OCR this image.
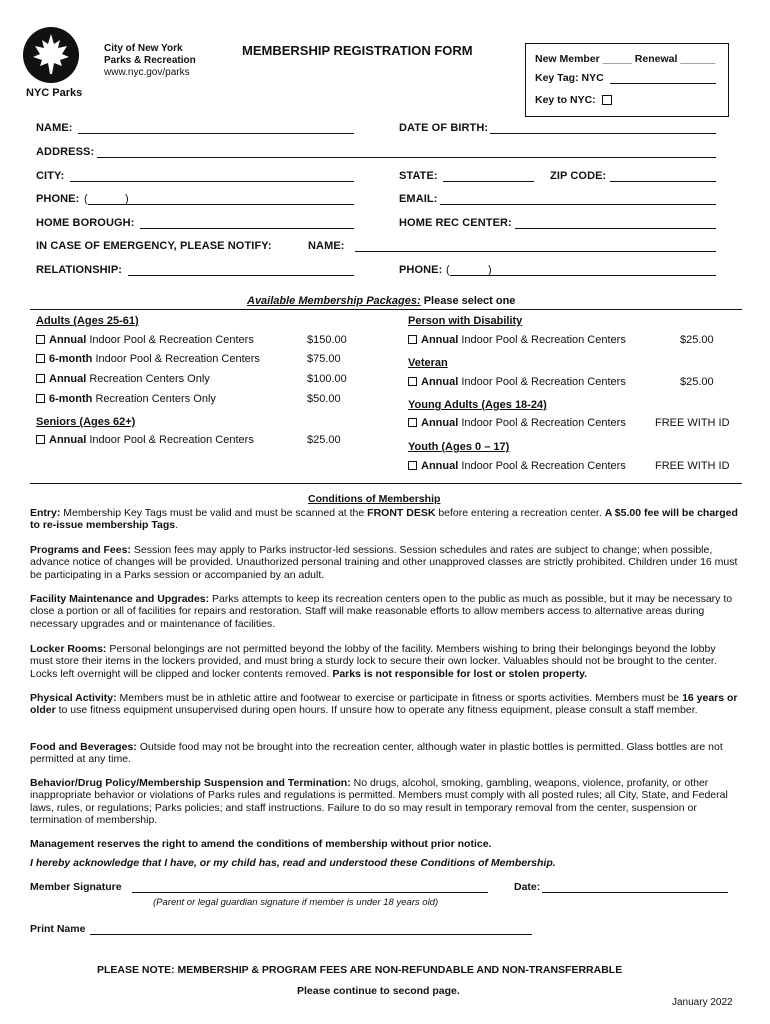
NYC Parks
City of New York
Parks & Recreation
www.nyc.gov/parks
MEMBERSHIP REGISTRATION FORM
New Member _____ Renewal ______
Key Tag: NYC
Key to NYC:
NAME:	DATE OF BIRTH:
ADDRESS:
CITY:	STATE:	ZIP CODE:
PHONE: (	)	EMAIL:
HOME BOROUGH:	HOME REC CENTER:
IN CASE OF EMERGENCY, PLEASE NOTIFY:	NAME:
RELATIONSHIP:	PHONE: (	)
Available Membership Packages: Please select one
Adults (Ages 25-61)
Annual Indoor Pool & Recreation Centers	$150.00
6-month Indoor Pool & Recreation Centers	$75.00
Annual Recreation Centers Only	$100.00
6-month Recreation Centers Only	$50.00
Seniors (Ages 62+)
Annual Indoor Pool & Recreation Centers	$25.00
Person with Disability
Annual Indoor Pool & Recreation Centers	$25.00
Veteran
Annual Indoor Pool & Recreation Centers	$25.00
Young Adults (Ages 18-24)
Annual Indoor Pool & Recreation Centers	FREE WITH ID
Youth (Ages 0 – 17)
Annual Indoor Pool & Recreation Centers	FREE WITH ID
Conditions of Membership
Entry: Membership Key Tags must be valid and must be scanned at the FRONT DESK before entering a recreation center. A $5.00 fee will be charged to re-issue membership Tags.
Programs and Fees: Session fees may apply to Parks instructor-led sessions. Session schedules and rates are subject to change; when possible, advance notice of changes will be provided. Unauthorized personal training and other unapproved classes are strictly prohibited. Children under 16 must be participating in a Parks session or accompanied by an adult.
Facility Maintenance and Upgrades: Parks attempts to keep its recreation centers open to the public as much as possible, but it may be necessary to close a portion or all of facilities for repairs and restoration. Staff will make reasonable efforts to allow members access to alternative areas during necessary upgrades and or maintenance of facilities.
Locker Rooms: Personal belongings are not permitted beyond the lobby of the facility. Members wishing to bring their belongings beyond the lobby must store their items in the lockers provided, and must bring a sturdy lock to secure their own locker. Valuables should not be brought to the center. Locks left overnight will be clipped and locker contents removed. Parks is not responsible for lost or stolen property.
Physical Activity: Members must be in athletic attire and footwear to exercise or participate in fitness or sports activities. Members must be 16 years or older to use fitness equipment unsupervised during open hours. If unsure how to operate any fitness equipment, please consult a staff member.
Food and Beverages: Outside food may not be brought into the recreation center, although water in plastic bottles is permitted. Glass bottles are not permitted at any time.
Behavior/Drug Policy/Membership Suspension and Termination: No drugs, alcohol, smoking, gambling, weapons, violence, profanity, or other inappropriate behavior or violations of Parks rules and regulations is permitted. Members must comply with all posted rules; all City, State, and Federal laws, rules, or regulations; Parks policies; and staff instructions. Failure to do so may result in temporary removal from the center, suspension or termination of membership.
Management reserves the right to amend the conditions of membership without prior notice.
I hereby acknowledge that I have, or my child has, read and understood these Conditions of Membership.
Member Signature	Date:
(Parent or legal guardian signature if member is under 18 years old)
Print Name
PLEASE NOTE: MEMBERSHIP & PROGRAM FEES ARE NON-REFUNDABLE AND NON-TRANSFERRABLE
Please continue to second page.
January 2022
